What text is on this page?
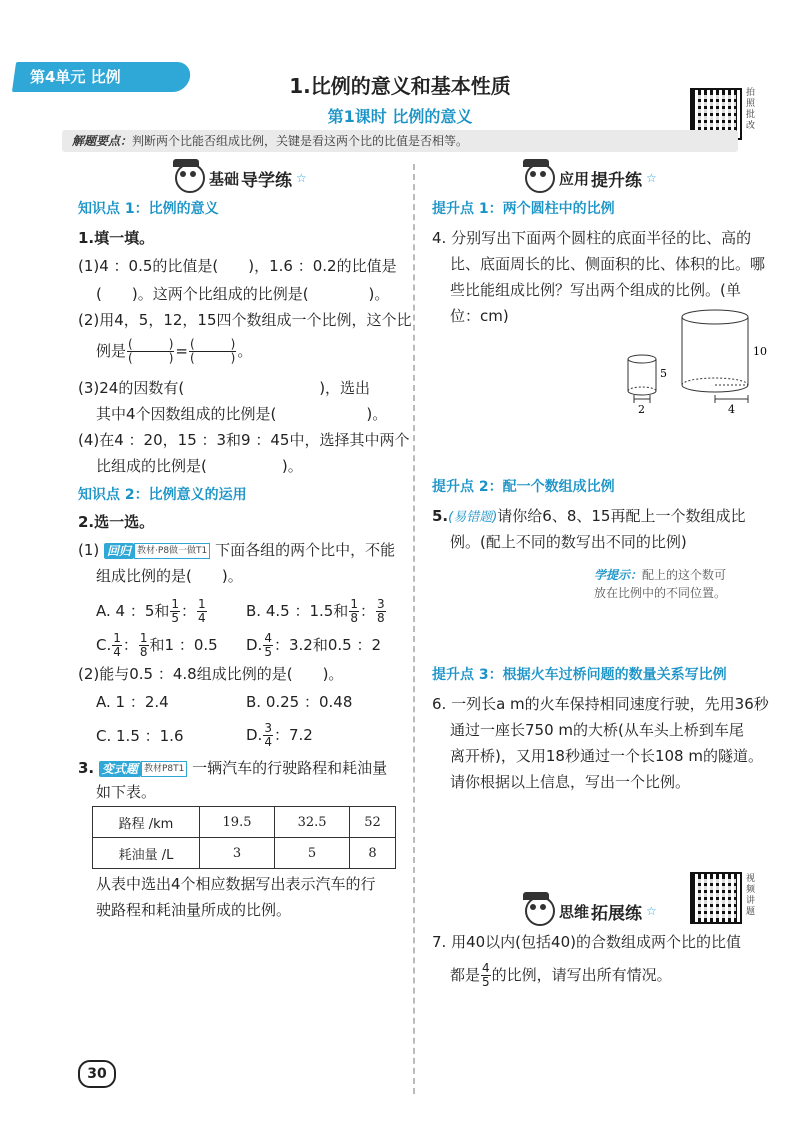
第4单元 比例	1.比例的意义和基本性质
第1课时 比例的意义
拍照批改
解题要点：判断两个比能否组成比例，关键是看这两个比的比值是否相等。
基础 导学练 ☆
知识点 1：比例的意义
1.填一填。
(1)4 ：0.5的比值是(　　)，1.6 ：0.2的比值是
(　　)。这两个比组成的比例是(　　　　)。
(2)用4，5，12，15四个数组成一个比例，这个比
例是 $\frac{( )}{( )} = \frac{( )}{( )}$ 。
(3)24的因数有(　　　　　　　　　)，选出
其中4个因数组成的比例是(　　　　　　)。
(4)在4 ：20，15 ：3和9 ：45中，选择其中两个
比组成的比例是(　　　　　)。
知识点 2：比例意义的运用
2.选一选。
(1) 回归 教材·P8做一做T1 下面各组的两个比中，不能
组成比例的是(　　)。
A. 4 ：5和 $\frac{1}{5}$ ： $\frac{1}{4}$	B. 4.5 ：1.5和 $\frac{1}{8}$ ： $\frac{3}{8}$
C. $\frac{1}{4}$ ： $\frac{1}{8}$ 和1 ：0.5 D. $\frac{4}{5}$ ：3.2和0.5 ：2
(2)能与0.5 ：4.8组成比例的是(　　)。
A. 1 ：2.4	B. 0.25 ：0.48
C. 1.5 ：1.6	D. $\frac{3}{4}$ ：7.2
3. 变式题 教材P8T1 一辆汽车的行驶路程和耗油量
如下表。
路程 /km	19.5	32.5	52
耗油量 /L	3	5	8
从表中选出4个相应数据写出表示汽车的行
驶路程和耗油量所成的比例。
应用 提升练 ☆
提升点 1：两个圆柱中的比例
4. 分别写出下面两个圆柱的底面半径的比、高的
比、底面周长的比、侧面积的比、体积的比。哪
些比能组成比例？写出两个组成的比例。(单
位：cm)
5
2
10
4
提升点 2：配一个数组成比例
5.(易错题)请你给6、8、15再配上一个数组成比
例。(配上不同的数写出不同的比例)
学提示：配上的这个数可
放在比例中的不同位置。
提升点 3：根据火车过桥问题的数量关系写比例
6. 一列长a m的火车保持相同速度行驶，先用36秒
通过一座长750 m的大桥(从车头上桥到车尾
离开桥)，又用18秒通过一个长108 m的隧道。
请你根据以上信息，写出一个比例。
视频讲题
思维 拓展练 ☆
7. 用40以内(包括40)的合数组成两个比的比值
都是 $\frac{4}{5}$ 的比例，请写出所有情况。
30
